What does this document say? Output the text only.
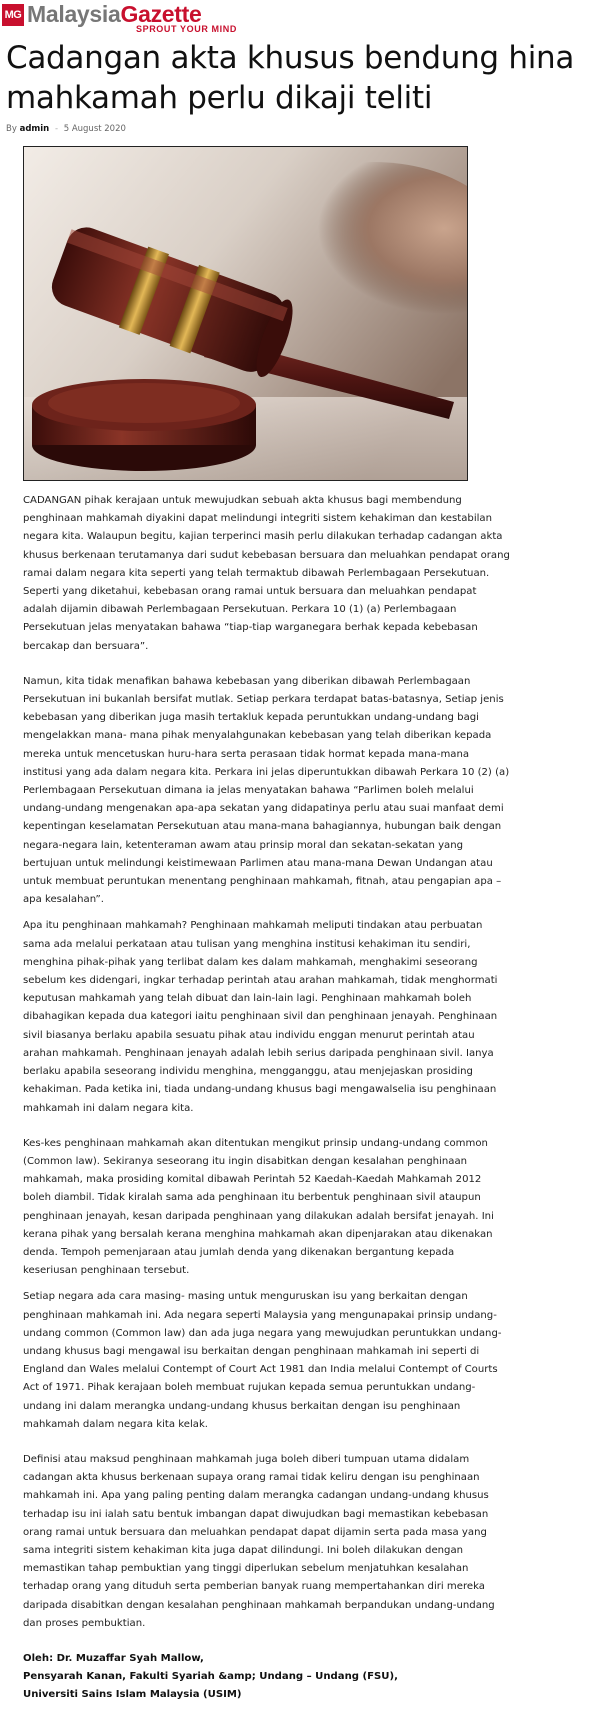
MG MalaysiaGazette
SPROUT YOUR MIND
Cadangan akta khusus bendung hina mahkamah perlu dikaji teliti
By admin - 5 August 2020

CADANGAN pihak kerajaan untuk mewujudkan sebuah akta khusus bagi membendung penghinaan mahkamah diyakini dapat melindungi integriti sistem kehakiman dan kestabilan negara kita. Walaupun begitu, kajian terperinci masih perlu dilakukan terhadap cadangan akta khusus berkenaan terutamanya dari sudut kebebasan bersuara dan meluahkan pendapat orang ramai dalam negara kita seperti yang telah termaktub dibawah Perlembagaan Persekutuan. Seperti yang diketahui, kebebasan orang ramai untuk bersuara dan meluahkan pendapat adalah dijamin dibawah Perlembagaan Persekutuan. Perkara 10 (1) (a) Perlembagaan Persekutuan jelas menyatakan bahawa “tiap-tiap warganegara berhak kepada kebebasan bercakap dan bersuara”.

Namun, kita tidak menafikan bahawa kebebasan yang diberikan dibawah Perlembagaan Persekutuan ini bukanlah bersifat mutlak. Setiap perkara terdapat batas-batasnya, Setiap jenis kebebasan yang diberikan juga masih tertakluk kepada peruntukkan undang-undang bagi mengelakkan mana- mana pihak menyalahgunakan kebebasan yang telah diberikan kepada mereka untuk mencetuskan huru-hara serta perasaan tidak hormat kepada mana-mana institusi yang ada dalam negara kita. Perkara ini jelas diperuntukkan dibawah Perkara 10 (2) (a) Perlembagaan Persekutuan dimana ia jelas menyatakan bahawa “Parlimen boleh melalui undang-undang mengenakan apa-apa sekatan yang didapatinya perlu atau suai manfaat demi kepentingan keselamatan Persekutuan atau mana-mana bahagiannya, hubungan baik dengan negara-negara lain, ketenteraman awam atau prinsip moral dan sekatan-sekatan yang bertujuan untuk melindungi keistimewaan Parlimen atau mana-mana Dewan Undangan atau untuk membuat peruntukan menentang penghinaan mahkamah, fitnah, atau pengapian apa – apa kesalahan”.

Apa itu penghinaan mahkamah? Penghinaan mahkamah meliputi tindakan atau perbuatan sama ada melalui perkataan atau tulisan yang menghina institusi kehakiman itu sendiri, menghina pihak-pihak yang terlibat dalam kes dalam mahkamah, menghakimi seseorang sebelum kes didengari, ingkar terhadap perintah atau arahan mahkamah, tidak menghormati keputusan mahkamah yang telah dibuat dan lain-lain lagi. Penghinaan mahkamah boleh dibahagikan kepada dua kategori iaitu penghinaan sivil dan penghinaan jenayah. Penghinaan sivil biasanya berlaku apabila sesuatu pihak atau individu enggan menurut perintah atau arahan mahkamah. Penghinaan jenayah adalah lebih serius daripada penghinaan sivil. Ianya berlaku apabila seseorang individu menghina, mengganggu, atau menjejaskan prosiding kehakiman. Pada ketika ini, tiada undang-undang khusus bagi mengawalselia isu penghinaan mahkamah ini dalam negara kita.

Kes-kes penghinaan mahkamah akan ditentukan mengikut prinsip undang-undang common (Common law). Sekiranya seseorang itu ingin disabitkan dengan kesalahan penghinaan mahkamah, maka prosiding komital dibawah Perintah 52 Kaedah-Kaedah Mahkamah 2012 boleh diambil. Tidak kiralah sama ada penghinaan itu berbentuk penghinaan sivil ataupun penghinaan jenayah, kesan daripada penghinaan yang dilakukan adalah bersifat jenayah. Ini kerana pihak yang bersalah kerana menghina mahkamah akan dipenjarakan atau dikenakan denda. Tempoh pemenjaraan atau jumlah denda yang dikenakan bergantung kepada keseriusan penghinaan tersebut.

Setiap negara ada cara masing- masing untuk menguruskan isu yang berkaitan dengan penghinaan mahkamah ini. Ada negara seperti Malaysia yang mengunapakai prinsip undang-undang common (Common law) dan ada juga negara yang mewujudkan peruntukkan undang-undang khusus bagi mengawal isu berkaitan dengan penghinaan mahkamah ini seperti di England dan Wales melalui Contempt of Court Act 1981 dan India melalui Contempt of Courts Act of 1971. Pihak kerajaan boleh membuat rujukan kepada semua peruntukkan undang-undang ini dalam merangka undang-undang khusus berkaitan dengan isu penghinaan mahkamah dalam negara kita kelak.

Definisi atau maksud penghinaan mahkamah juga boleh diberi tumpuan utama didalam cadangan akta khusus berkenaan supaya orang ramai tidak keliru dengan isu penghinaan mahkamah ini. Apa yang paling penting dalam merangka cadangan undang-undang khusus terhadap isu ini ialah satu bentuk imbangan dapat diwujudkan bagi memastikan kebebasan orang ramai untuk bersuara dan meluahkan pendapat dapat dijamin serta pada masa yang sama integriti sistem kehakiman kita juga dapat dilindungi. Ini boleh dilakukan dengan memastikan tahap pembuktian yang tinggi diperlukan sebelum menjatuhkan kesalahan terhadap orang yang dituduh serta pemberian banyak ruang mempertahankan diri mereka daripada disabitkan dengan kesalahan penghinaan mahkamah berpandukan undang-undang dan proses pembuktian.

Oleh: Dr. Muzaffar Syah Mallow,
Pensyarah Kanan, Fakulti Syariah &amp; Undang – Undang (FSU),
Universiti Sains Islam Malaysia (USIM)
